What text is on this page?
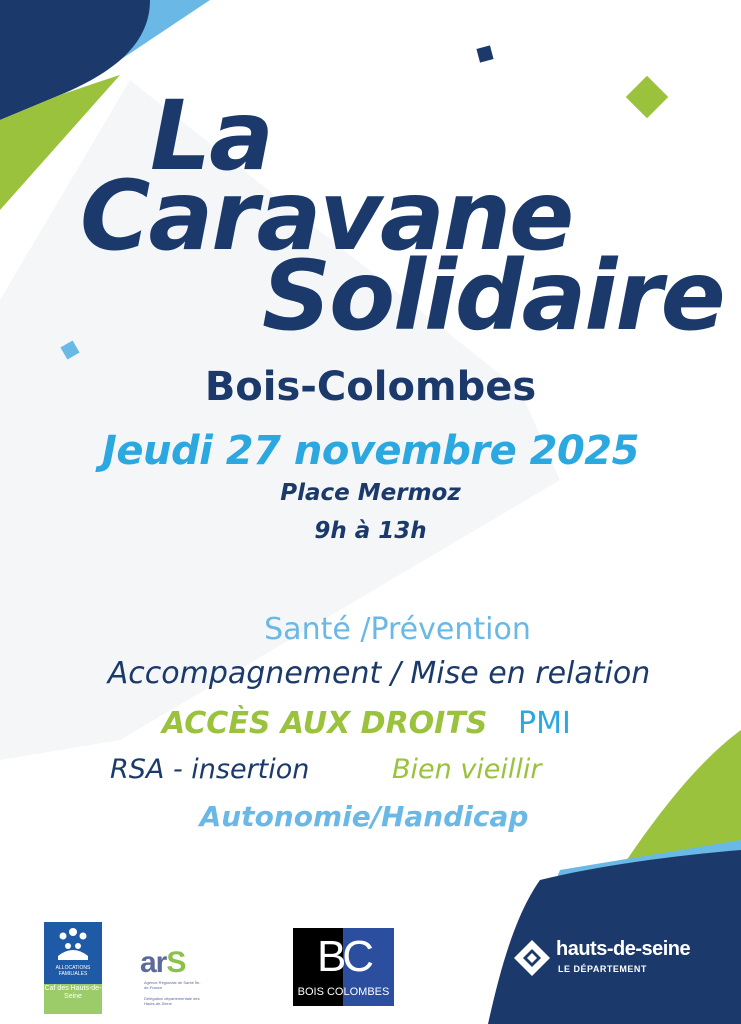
La
Caravane
Solidaire
Bois-Colombes
Jeudi 27 novembre 2025
Place Mermoz
9h à 13h
Santé /Prévention
Accompagnement / Mise en relation
ACCÈS AUX DROITS PMI
RSA - insertion	Bien vieillir
Autonomie/Handicap
ALLOCATIONS FAMILIALES
Caf des Hauts-de-Seine
arS
Agence Régionale de Santé Île-de-France
Délégation départementale des Hauts-de-Seine
BC
BOIS COLOMBES
hauts-de-seine
LE DÉPARTEMENT
